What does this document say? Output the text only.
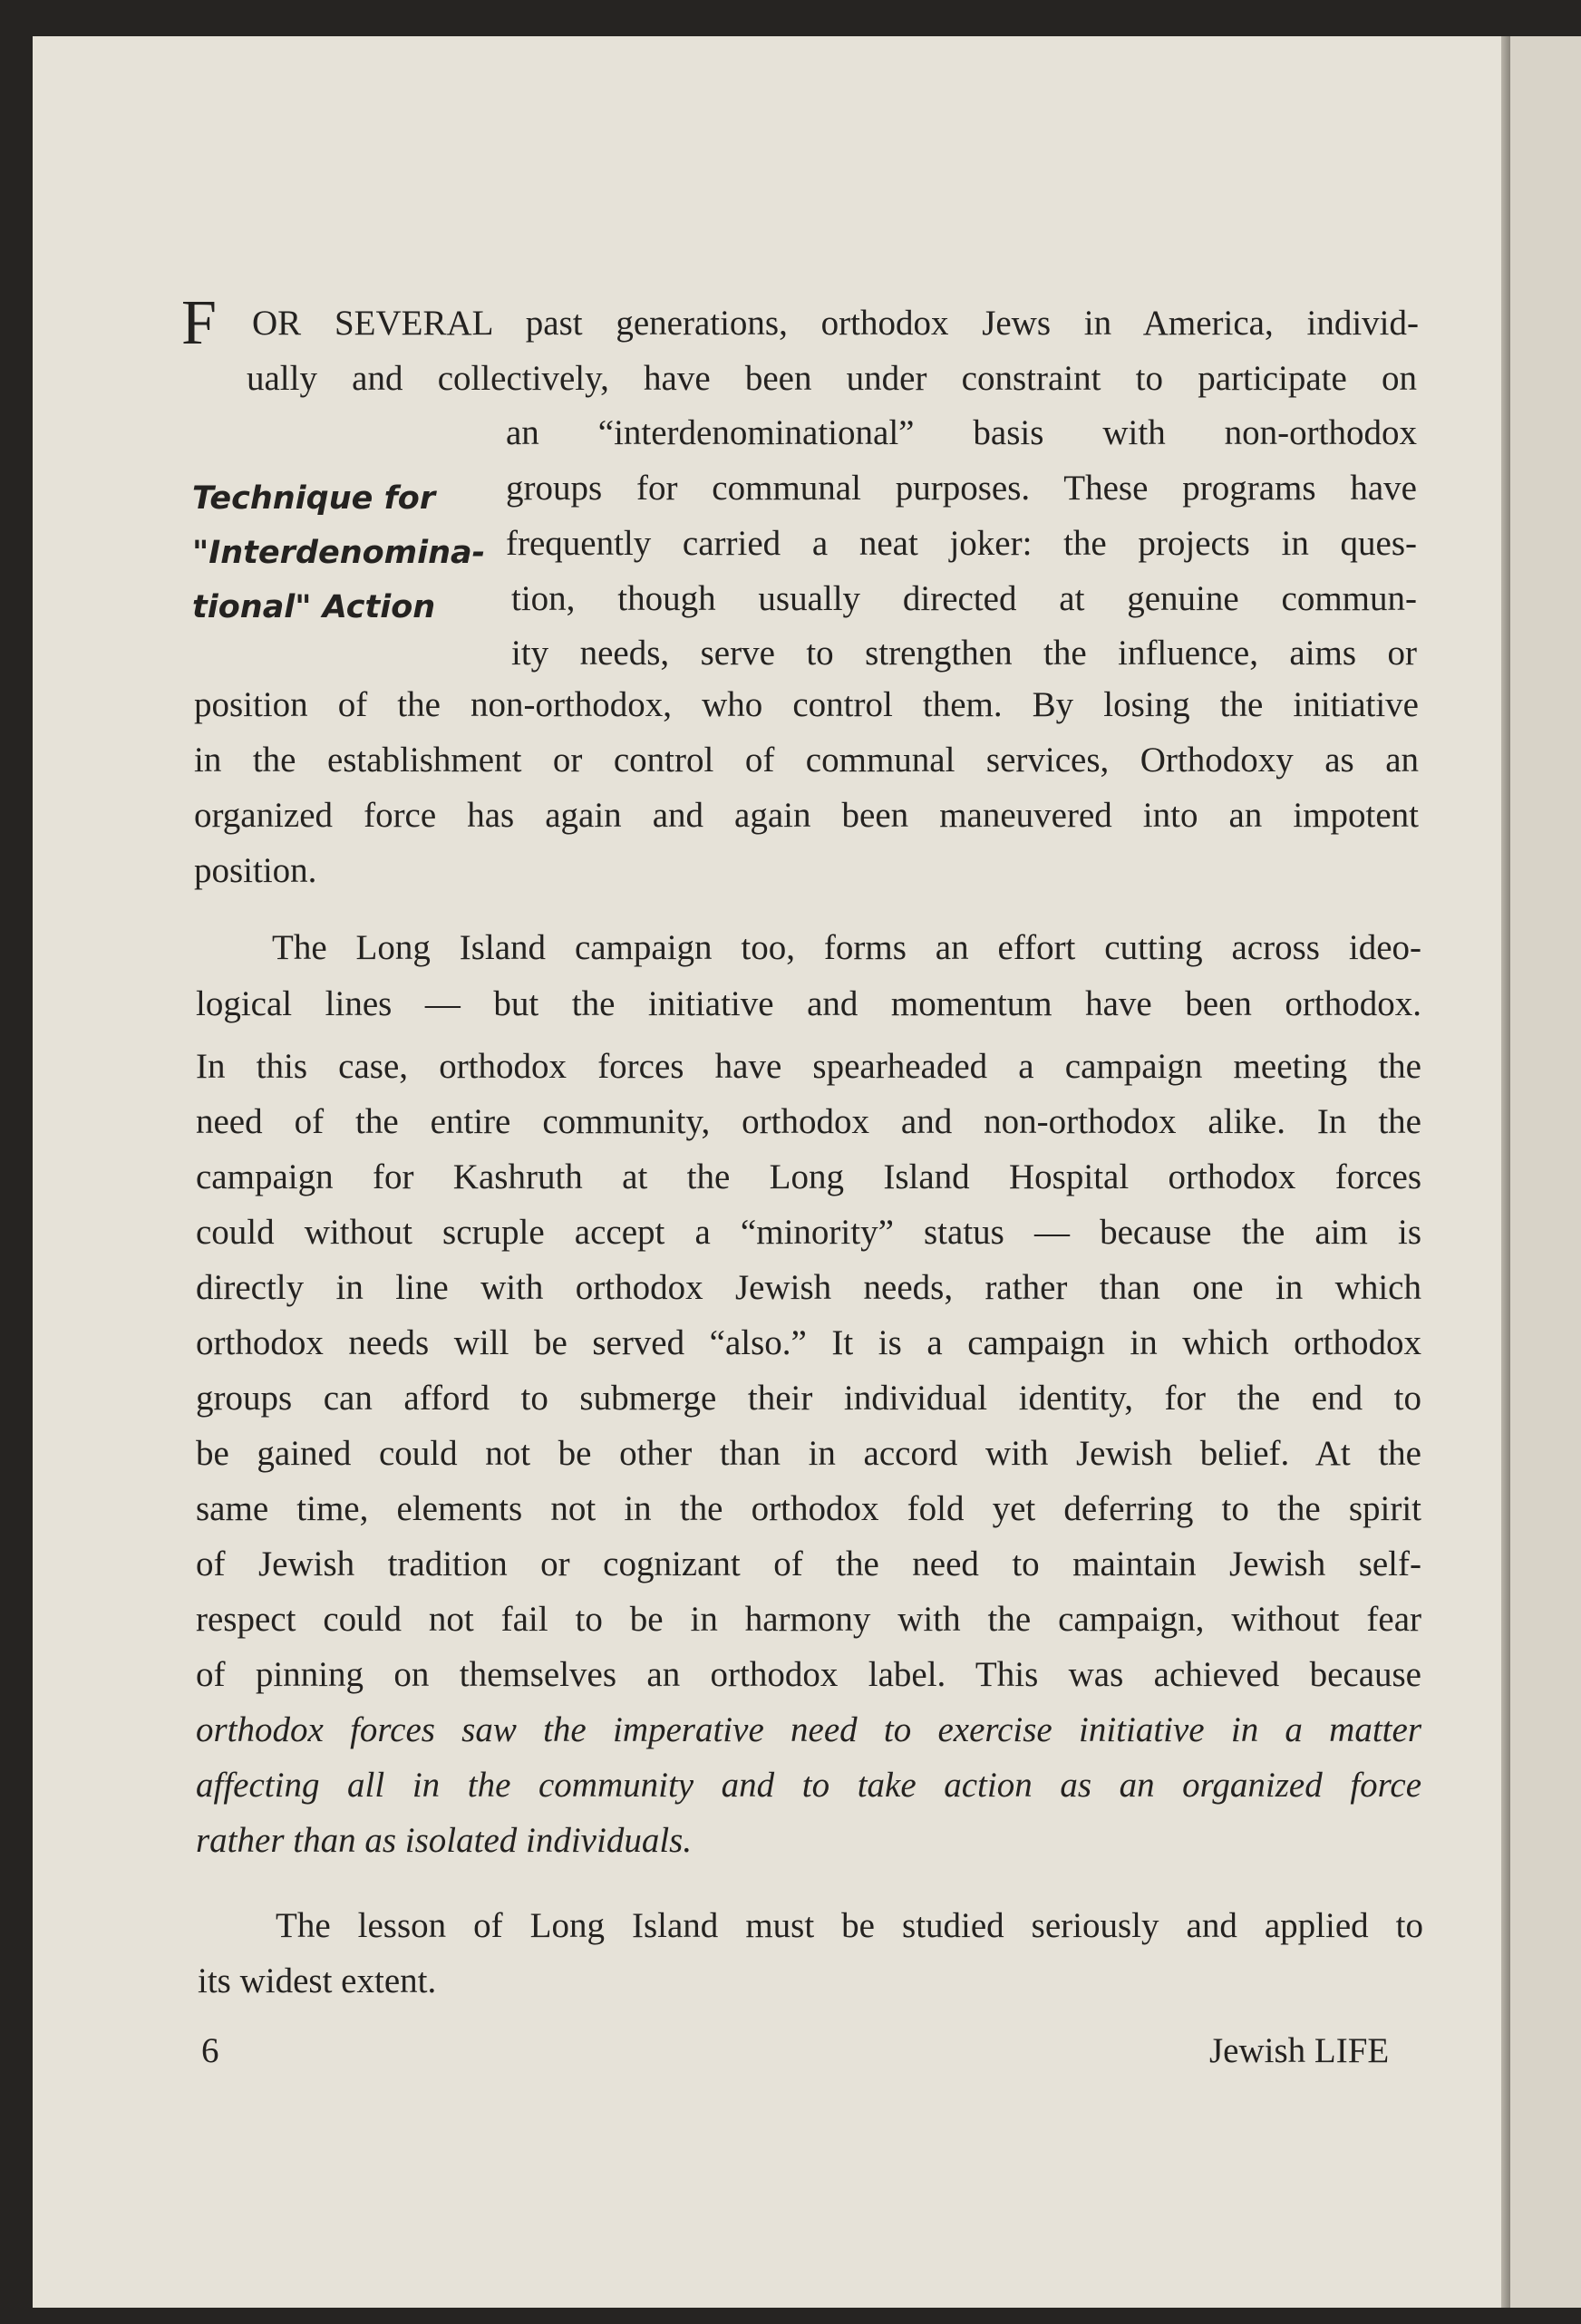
F OR SEVERAL past generations, orthodox Jews in America, individ-
ually and collectively, have been under constraint to participate on
an “interdenominational” basis with non-orthodox
groups for communal purposes. These programs have
frequently carried a neat joker: the projects in ques-
tion, though usually directed at genuine commun-
ity needs, serve to strengthen the influence, aims or
position of the non-orthodox, who control them. By losing the initiative
in the establishment or control of communal services, Orthodoxy as an
organized force has again and again been maneuvered into an impotent
position.
Technique for
"Interdenomina-
tional" Action
The Long Island campaign too, forms an effort cutting across ideo-
logical lines — but the initiative and momentum have been orthodox.
In this case, orthodox forces have spearheaded a campaign meeting the
need of the entire community, orthodox and non-orthodox alike. In the
campaign for Kashruth at the Long Island Hospital orthodox forces
could without scruple accept a “minority” status — because the aim is
directly in line with orthodox Jewish needs, rather than one in which
orthodox needs will be served “also.” It is a campaign in which orthodox
groups can afford to submerge their individual identity, for the end to
be gained could not be other than in accord with Jewish belief. At the
same time, elements not in the orthodox fold yet deferring to the spirit
of Jewish tradition or cognizant of the need to maintain Jewish self-
respect could not fail to be in harmony with the campaign, without fear
of pinning on themselves an orthodox label. This was achieved because
orthodox forces saw the imperative need to exercise initiative in a matter
affecting all in the community and to take action as an organized force
rather than as isolated individuals.
The lesson of Long Island must be studied seriously and applied to
its widest extent.
6	Jewish LIFE
